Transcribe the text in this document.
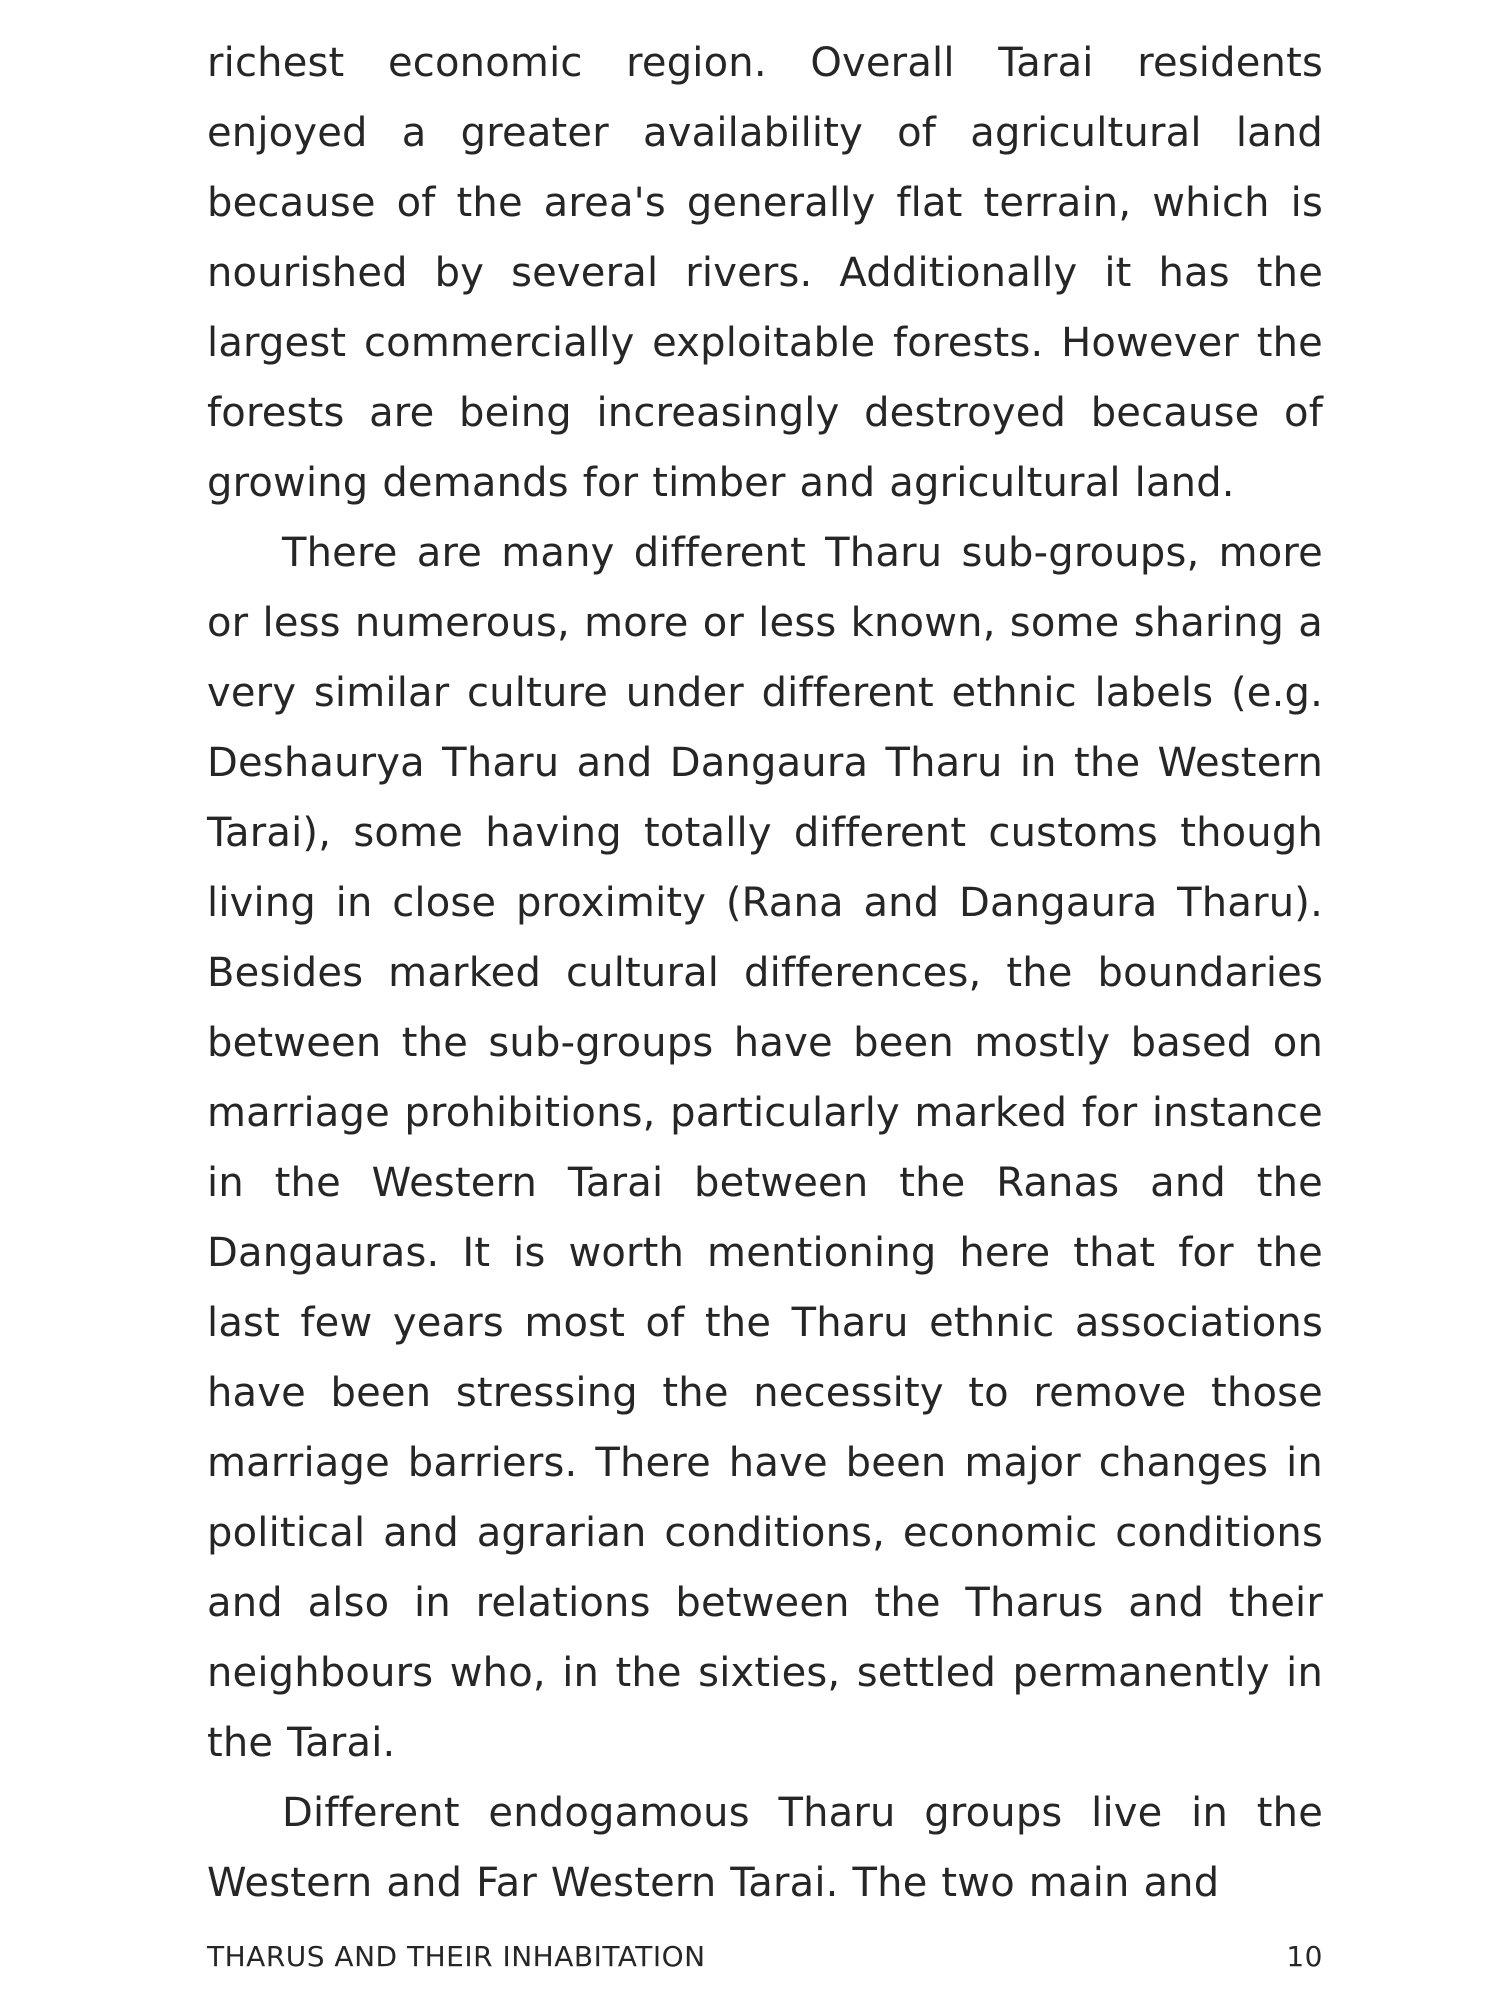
richest economic region. Overall Tarai residents enjoyed a greater availability of agricultural land because of the area's generally flat terrain, which is nourished by several rivers. Additionally it has the largest commercially exploitable forests. However the forests are being increasingly destroyed because of growing demands for timber and agricultural land.

There are many different Tharu sub-groups, more or less numerous, more or less known, some sharing a very similar culture under different ethnic labels (e.g. Deshaurya Tharu and Dangaura Tharu in the Western Tarai), some having totally different customs though living in close proximity (Rana and Dangaura Tharu). Besides marked cultural differences, the boundaries between the sub-groups have been mostly based on marriage prohibitions, particularly marked for instance in the Western Tarai between the Ranas and the Dangauras. It is worth mentioning here that for the last few years most of the Tharu ethnic associations have been stressing the necessity to remove those marriage barriers. There have been major changes in political and agrarian conditions, economic conditions and also in relations between the Tharus and their neighbours who, in the sixties, settled permanently in the Tarai.

Different endogamous Tharu groups live in the Western and Far Western Tarai. The two main and

THARUS AND THEIR INHABITATION	10
